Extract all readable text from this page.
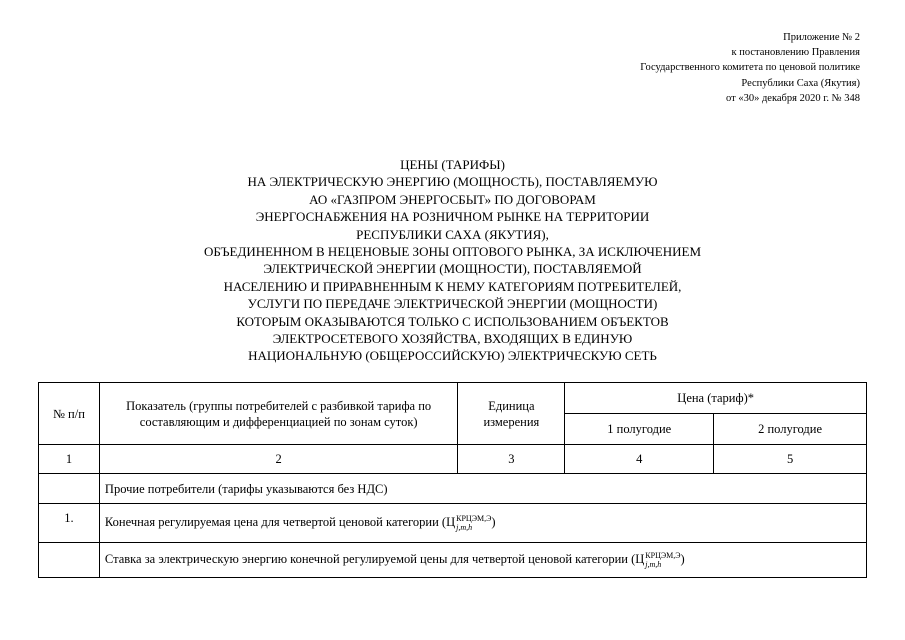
Приложение № 2
к постановлению Правления
Государственного комитета по ценовой политике
Республики Саха (Якутия)
от «30» декабря 2020 г. № 348
ЦЕНЫ (ТАРИФЫ)
НА ЭЛЕКТРИЧЕСКУЮ ЭНЕРГИЮ (МОЩНОСТЬ), ПОСТАВЛЯЕМУЮ
АО «ГАЗПРОМ ЭНЕРГОСБЫТ» ПО ДОГОВОРАМ
ЭНЕРГОСНАБЖЕНИЯ НА РОЗНИЧНОМ РЫНКЕ НА ТЕРРИТОРИИ
РЕСПУБЛИКИ САХА (ЯКУТИЯ),
ОБЪЕДИНЕННОМ В НЕЦЕНОВЫЕ ЗОНЫ ОПТОВОГО РЫНКА, ЗА ИСКЛЮЧЕНИЕМ
ЭЛЕКТРИЧЕСКОЙ ЭНЕРГИИ (МОЩНОСТИ), ПОСТАВЛЯЕМОЙ
НАСЕЛЕНИЮ И ПРИРАВНЕННЫМ К НЕМУ КАТЕГОРИЯМ ПОТРЕБИТЕЛЕЙ,
УСЛУГИ ПО ПЕРЕДАЧЕ ЭЛЕКТРИЧЕСКОЙ ЭНЕРГИИ (МОЩНОСТИ)
КОТОРЫМ ОКАЗЫВАЮТСЯ ТОЛЬКО С ИСПОЛЬЗОВАНИЕМ ОБЪЕКТОВ
ЭЛЕКТРОСЕТЕВОГО ХОЗЯЙСТВА, ВХОДЯЩИХ В ЕДИНУЮ
НАЦИОНАЛЬНУЮ (ОБЩЕРОССИЙСКУЮ) ЭЛЕКТРИЧЕСКУЮ СЕТЬ
№ п/п	Показатель (группы потребителей с разбивкой тарифа по составляющим и дифференциацией по зонам суток)	Единица измерения	Цена (тариф)*	
			1 полугодие	2 полугодие
1	2	3	4	5
	Прочие потребители (тарифы указываются без НДС)			
1.	Конечная регулируемая цена для четвертой ценовой категории (Ц КРЦЭМ,Э
j,m,h )			
	Ставка за электрическую энергию конечной регулируемой цены для четвертой ценовой категории (Ц КРЦЭМ,Э
j,m,h )			
